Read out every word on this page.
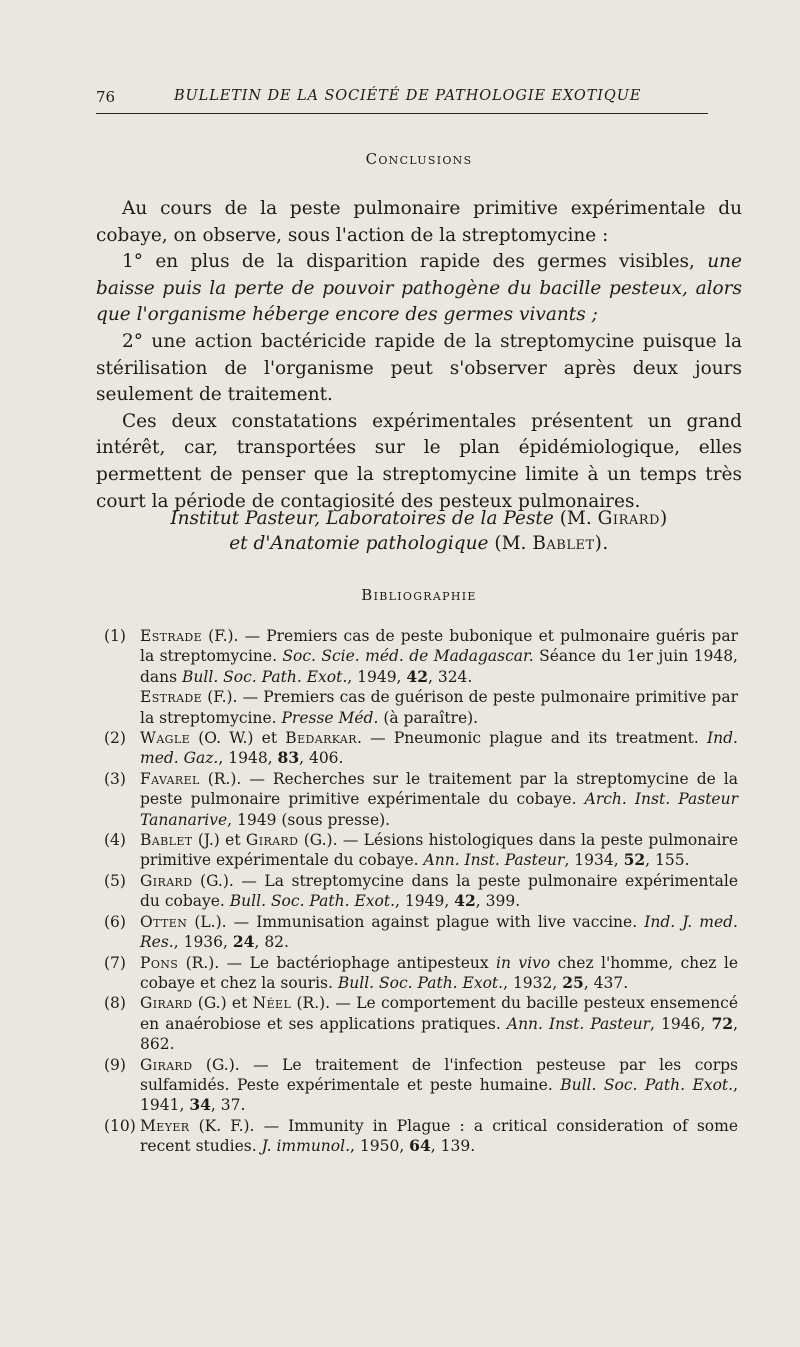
76	BULLETIN DE LA SOCIÉTÉ DE PATHOLOGIE EXOTIQUE
Conclusions

Au cours de la peste pulmonaire primitive expérimentale du cobaye, on observe, sous l'action de la streptomycine :

1° en plus de la disparition rapide des germes visibles, une baisse puis la perte de pouvoir pathogène du bacille pesteux, alors que l'organisme héberge encore des germes vivants ;

2° une action bactéricide rapide de la streptomycine puisque la stérilisation de l'organisme peut s'observer après deux jours seulement de traitement.

Ces deux constatations expérimentales présentent un grand intérêt, car, transportées sur le plan épidémiologique, elles permettent de penser que la streptomycine limite à un temps très court la période de contagiosité des pesteux pulmonaires.

Institut Pasteur, Laboratoires de la Peste (M. Girard)
et d'Anatomie pathologique (M. Bablet).
Bibliographie
(1) Estrade (F.). — Premiers cas de peste bubonique et pulmonaire guéris par la streptomycine. Soc. Scie. méd. de Madagascar. Séance du 1er juin 1948, dans Bull. Soc. Path. Exot., 1949, 42, 324.
Estrade (F.). — Premiers cas de guérison de peste pulmonaire primitive par la streptomycine. Presse Méd. (à paraître).
(2) Wagle (O. W.) et Bedarkar. — Pneumonic plague and its treatment. Ind. med. Gaz., 1948, 83, 406.
(3) Favarel (R.). — Recherches sur le traitement par la streptomycine de la peste pulmonaire primitive expérimentale du cobaye. Arch. Inst. Pasteur Tananarive, 1949 (sous presse).
(4) Bablet (J.) et Girard (G.). — Lésions histologiques dans la peste pulmonaire primitive expérimentale du cobaye. Ann. Inst. Pasteur, 1934, 52, 155.
(5) Girard (G.). — La streptomycine dans la peste pulmonaire expérimentale du cobaye. Bull. Soc. Path. Exot., 1949, 42, 399.
(6) Otten (L.). — Immunisation against plague with live vaccine. Ind. J. med. Res., 1936, 24, 82.
(7) Pons (R.). — Le bactériophage antipesteux in vivo chez l'homme, chez le cobaye et chez la souris. Bull. Soc. Path. Exot., 1932, 25, 437.
(8) Girard (G.) et Néel (R.). — Le comportement du bacille pesteux ensemencé en anaérobiose et ses applications pratiques. Ann. Inst. Pasteur, 1946, 72, 862.
(9) Girard (G.). — Le traitement de l'infection pesteuse par les corps sulfamidés. Peste expérimentale et peste humaine. Bull. Soc. Path. Exot., 1941, 34, 37.
(10) Meyer (K. F.). — Immunity in Plague : a critical consideration of some recent studies. J. immunol., 1950, 64, 139.
